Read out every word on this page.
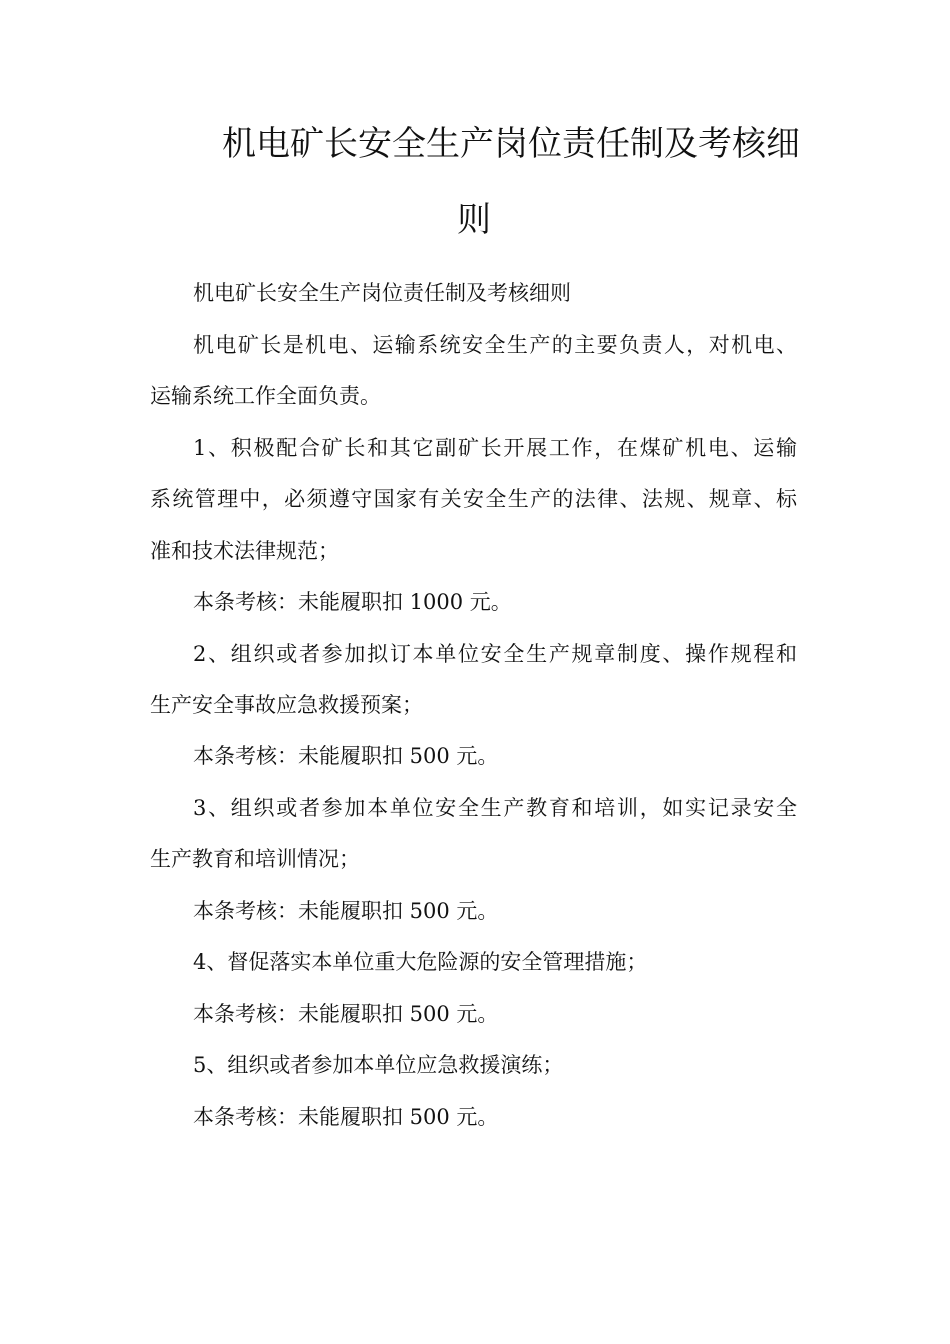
机电矿长安全生产岗位责任制及考核细
则
机电矿长安全生产岗位责任制及考核细则
机电矿长是机电、运输系统安全生产的主要负责人，对机电、
运输系统工作全面负责。
1、积极配合矿长和其它副矿长开展工作，在煤矿机电、运输
系统管理中，必须遵守国家有关安全生产的法律、法规、规章、标
准和技术法律规范；
本条考核：未能履职扣 1000 元。
2、组织或者参加拟订本单位安全生产规章制度、操作规程和
生产安全事故应急救援预案；
本条考核：未能履职扣 500 元。
3、组织或者参加本单位安全生产教育和培训，如实记录安全
生产教育和培训情况；
本条考核：未能履职扣 500 元。
4、督促落实本单位重大危险源的安全管理措施；
本条考核：未能履职扣 500 元。
5、组织或者参加本单位应急救援演练；
本条考核：未能履职扣 500 元。
